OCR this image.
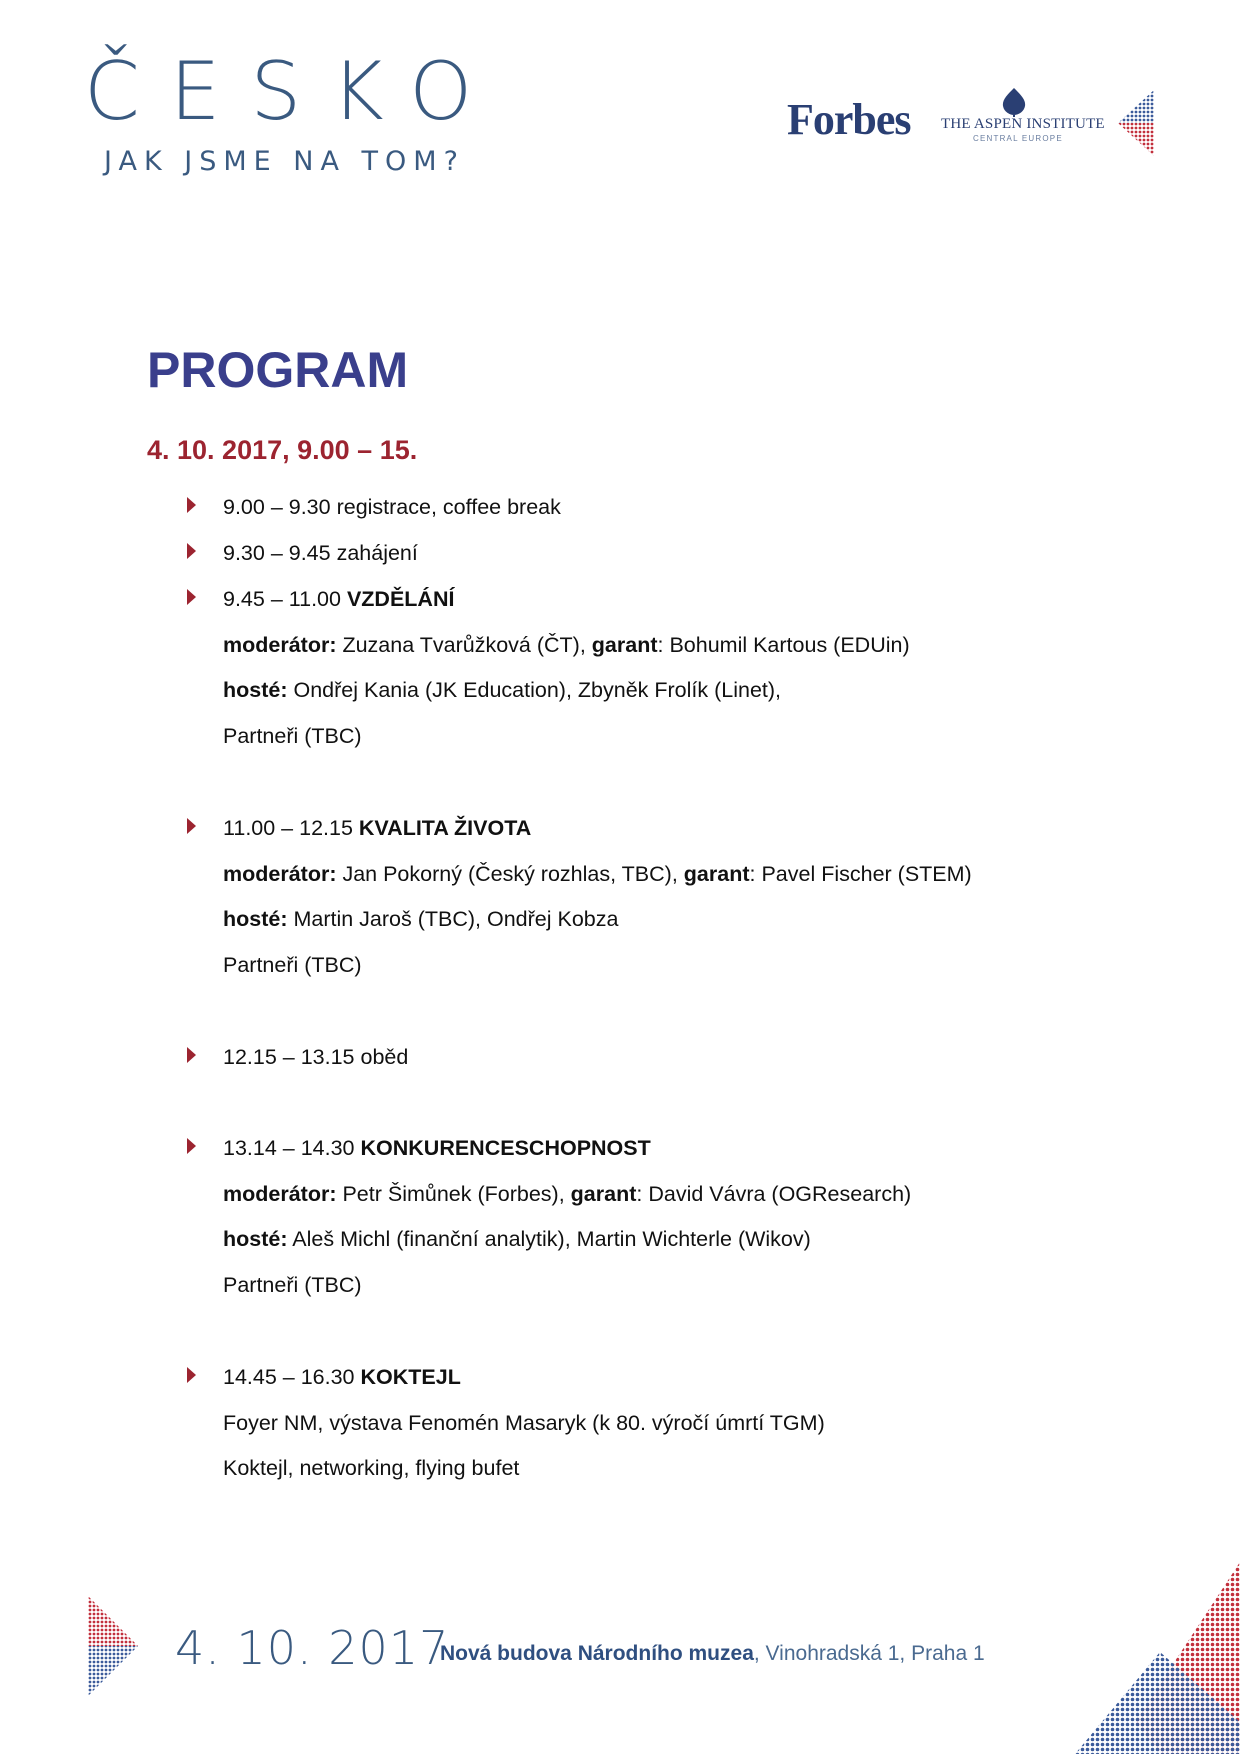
ČESKO
JAK JSME NA TOM?
Forbes THE ASPEN INSTITUTE
CENTRAL EUROPE
PROGRAM
4. 10. 2017, 9.00 – 15.
9.00 – 9.30 registrace, coffee break
9.30 – 9.45 zahájení
9.45 – 11.00 VZDĚLÁNÍ
moderátor: Zuzana Tvarůžková (ČT), garant: Bohumil Kartous (EDUin)
hosté: Ondřej Kania (JK Education), Zbyněk Frolík (Linet),
Partneři (TBC)
11.00 – 12.15 KVALITA ŽIVOTA
moderátor: Jan Pokorný (Český rozhlas, TBC), garant: Pavel Fischer (STEM)
hosté: Martin Jaroš (TBC), Ondřej Kobza
Partneři (TBC)
12.15 – 13.15 oběd
13.14 – 14.30 KONKURENCESCHOPNOST
moderátor: Petr Šimůnek (Forbes), garant: David Vávra (OGResearch)
hosté: Aleš Michl (finanční analytik), Martin Wichterle (Wikov)
Partneři (TBC)
14.45 – 16.30 KOKTEJL
Foyer NM, výstava Fenomén Masaryk (k 80. výročí úmrtí TGM)
Koktejl, networking, flying bufet
4. 10. 2017
Nová budova Národního muzea, Vinohradská 1, Praha 1
